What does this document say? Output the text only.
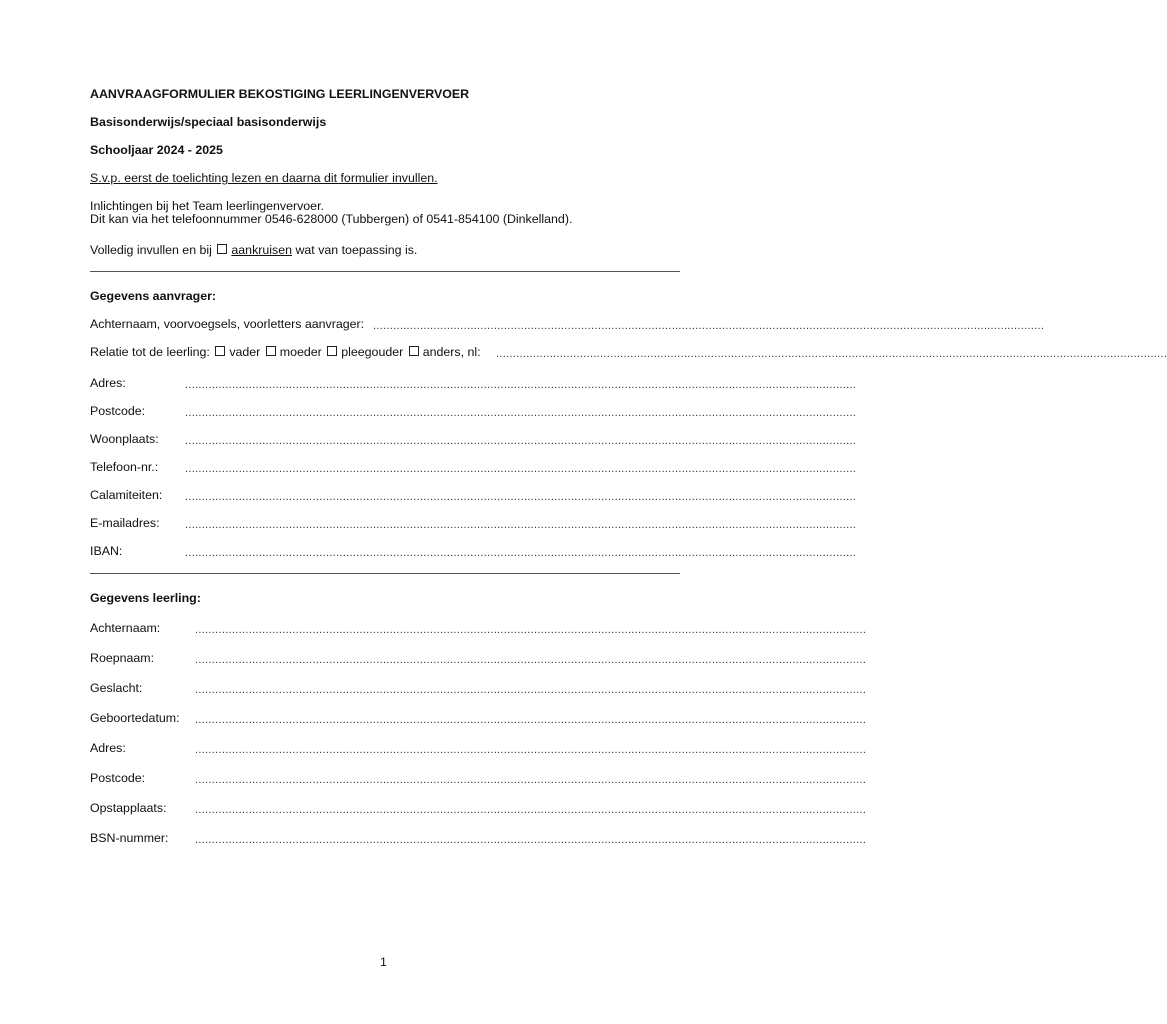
AANVRAAGFORMULIER BEKOSTIGING LEERLINGENVERVOER
Basisonderwijs/speciaal basisonderwijs
Schooljaar 2024 - 2025
S.v.p. eerst de toelichting lezen en daarna dit formulier invullen.
Inlichtingen bij het Team leerlingenvervoer.
Dit kan via het telefoonnummer 0546-628000 (Tubbergen) of 0541-854100 (Dinkelland).
Volledig invullen en bij aankruisen wat van toepassing is.
Gegevens aanvrager:
Achternaam, voorvoegsels, voorletters aanvrager: ........................................................................................................................................................................................................
Relatie tot de leerling: vader moeder pleegouder anders, nl: ........................................................................................................................................................................................................
Adres:	........................................................................................................................................................................................................
Postcode:	........................................................................................................................................................................................................
Woonplaats: ........................................................................................................................................................................................................
Telefoon-nr.: ........................................................................................................................................................................................................
Calamiteiten: ........................................................................................................................................................................................................
E-mailadres: ........................................................................................................................................................................................................
IBAN:	........................................................................................................................................................................................................
Gegevens leerling:
Achternaam:	........................................................................................................................................................................................................
Roepnaam:	........................................................................................................................................................................................................
Geslacht:	........................................................................................................................................................................................................
Geboortedatum: ........................................................................................................................................................................................................
Adres:	........................................................................................................................................................................................................
Postcode:	........................................................................................................................................................................................................
Opstapplaats:	........................................................................................................................................................................................................
BSN-nummer: ........................................................................................................................................................................................................
1
